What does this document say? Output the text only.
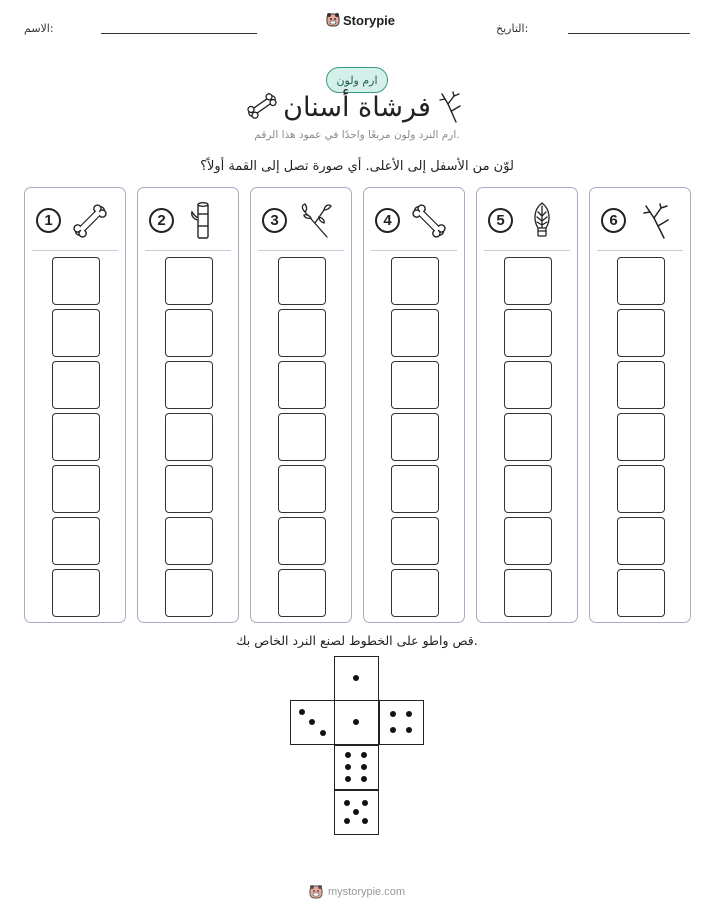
الاسم:
Storypie
التاريخ:
ارم ولون
فرشاة أسنان
ارم النرد ولون مربعًا واحدًا في عمود هذا الرقم.
لوّن من الأسفل إلى الأعلى. أي صورة تصل إلى القمة أولاً؟
1	2	3	4	5	6
قص واطو على الخطوط لصنع النرد الخاص بك.
mystorypie.com
